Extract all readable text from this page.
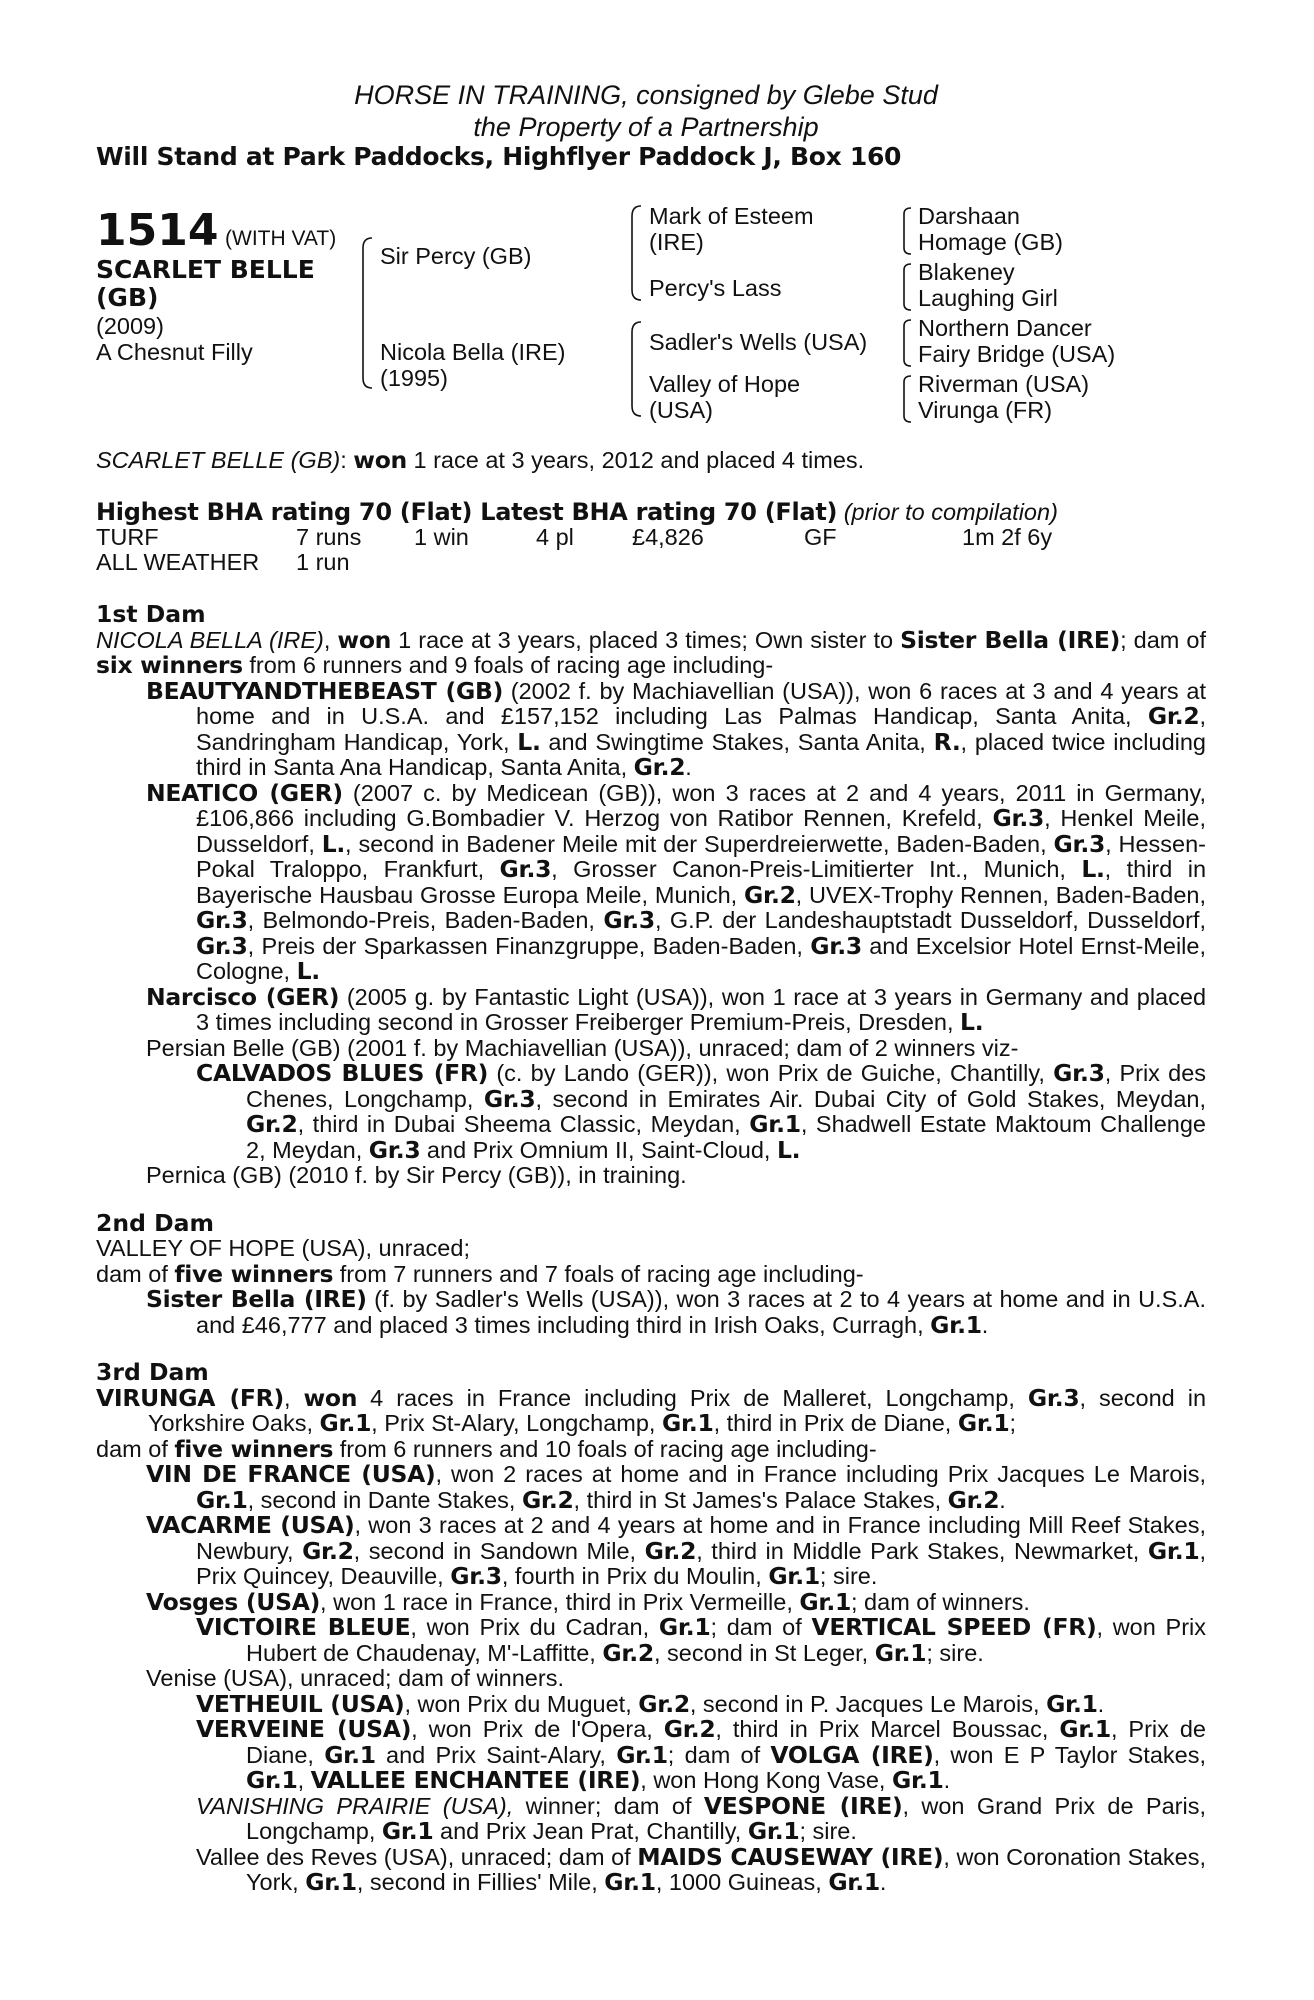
HORSE IN TRAINING, consigned by Glebe Stud
the Property of a Partnership
Will Stand at Park Paddocks, Highflyer Paddock J, Box 160
1514 (WITH VAT)
SCARLET BELLE
(GB)
(2009)
A Chesnut Filly
Sir Percy (GB)
Nicola Bella (IRE)
(1995)
Mark of Esteem
(IRE)
Percy's Lass
Sadler's Wells (USA)
Valley of Hope
(USA)
Darshaan
Homage (GB)
Blakeney
Laughing Girl
Northern Dancer
Fairy Bridge (USA)
Riverman (USA)
Virunga (FR)
SCARLET BELLE (GB): won 1 race at 3 years, 2012 and placed 4 times.
Highest BHA rating 70 (Flat) Latest BHA rating 70 (Flat) (prior to compilation)
TURF	7 runs	1 win	4 pl	£4,826	GF	1m 2f 6y
ALL WEATHER	1 run					
1st Dam

NICOLA BELLA (IRE), won 1 race at 3 years, placed 3 times; Own sister to Sister Bella (IRE); dam of six winners from 6 runners and 9 foals of racing age including-

BEAUTYANDTHEBEAST (GB) (2002 f. by Machiavellian (USA)), won 6 races at 3 and 4 years at home and in U.S.A. and £157,152 including Las Palmas Handicap, Santa Anita, Gr.2, Sandringham Handicap, York, L. and Swingtime Stakes, Santa Anita, R., placed twice including third in Santa Ana Handicap, Santa Anita, Gr.2.

NEATICO (GER) (2007 c. by Medicean (GB)), won 3 races at 2 and 4 years, 2011 in Germany, £106,866 including G.Bombadier V. Herzog von Ratibor Rennen, Krefeld, Gr.3, Henkel Meile, Dusseldorf, L., second in Badener Meile mit der Superdreierwette, Baden-Baden, Gr.3, Hessen-Pokal Traloppo, Frankfurt, Gr.3, Grosser Canon-Preis-Limitierter Int., Munich, L., third in Bayerische Hausbau Grosse Europa Meile, Munich, Gr.2, UVEX-Trophy Rennen, Baden-Baden, Gr.3, Belmondo-Preis, Baden-Baden, Gr.3, G.P. der Landeshauptstadt Dusseldorf, Dusseldorf, Gr.3, Preis der Sparkassen Finanzgruppe, Baden-Baden, Gr.3 and Excelsior Hotel Ernst-Meile, Cologne, L.

Narcisco (GER) (2005 g. by Fantastic Light (USA)), won 1 race at 3 years in Germany and placed 3 times including second in Grosser Freiberger Premium-Preis, Dresden, L.

Persian Belle (GB) (2001 f. by Machiavellian (USA)), unraced; dam of 2 winners viz-

CALVADOS BLUES (FR) (c. by Lando (GER)), won Prix de Guiche, Chantilly, Gr.3, Prix des Chenes, Longchamp, Gr.3, second in Emirates Air. Dubai City of Gold Stakes, Meydan, Gr.2, third in Dubai Sheema Classic, Meydan, Gr.1, Shadwell Estate Maktoum Challenge 2, Meydan, Gr.3 and Prix Omnium II, Saint-Cloud, L.

Pernica (GB) (2010 f. by Sir Percy (GB)), in training.

2nd Dam

VALLEY OF HOPE (USA), unraced;

dam of five winners from 7 runners and 7 foals of racing age including-

Sister Bella (IRE) (f. by Sadler's Wells (USA)), won 3 races at 2 to 4 years at home and in U.S.A. and £46,777 and placed 3 times including third in Irish Oaks, Curragh, Gr.1.

3rd Dam

VIRUNGA (FR), won 4 races in France including Prix de Malleret, Longchamp, Gr.3, second in Yorkshire Oaks, Gr.1, Prix St-Alary, Longchamp, Gr.1, third in Prix de Diane, Gr.1;

dam of five winners from 6 runners and 10 foals of racing age including-

VIN DE FRANCE (USA), won 2 races at home and in France including Prix Jacques Le Marois, Gr.1, second in Dante Stakes, Gr.2, third in St James's Palace Stakes, Gr.2.

VACARME (USA), won 3 races at 2 and 4 years at home and in France including Mill Reef Stakes, Newbury, Gr.2, second in Sandown Mile, Gr.2, third in Middle Park Stakes, Newmarket, Gr.1, Prix Quincey, Deauville, Gr.3, fourth in Prix du Moulin, Gr.1; sire.

Vosges (USA), won 1 race in France, third in Prix Vermeille, Gr.1; dam of winners.

VICTOIRE BLEUE, won Prix du Cadran, Gr.1; dam of VERTICAL SPEED (FR), won Prix Hubert de Chaudenay, M'-Laffitte, Gr.2, second in St Leger, Gr.1; sire.

Venise (USA), unraced; dam of winners.

VETHEUIL (USA), won Prix du Muguet, Gr.2, second in P. Jacques Le Marois, Gr.1.

VERVEINE (USA), won Prix de l'Opera, Gr.2, third in Prix Marcel Boussac, Gr.1, Prix de Diane, Gr.1 and Prix Saint-Alary, Gr.1; dam of VOLGA (IRE), won E P Taylor Stakes, Gr.1, VALLEE ENCHANTEE (IRE), won Hong Kong Vase, Gr.1.

VANISHING PRAIRIE (USA), winner; dam of VESPONE (IRE), won Grand Prix de Paris, Longchamp, Gr.1 and Prix Jean Prat, Chantilly, Gr.1; sire.

Vallee des Reves (USA), unraced; dam of MAIDS CAUSEWAY (IRE), won Coronation Stakes, York, Gr.1, second in Fillies' Mile, Gr.1, 1000 Guineas, Gr.1.
